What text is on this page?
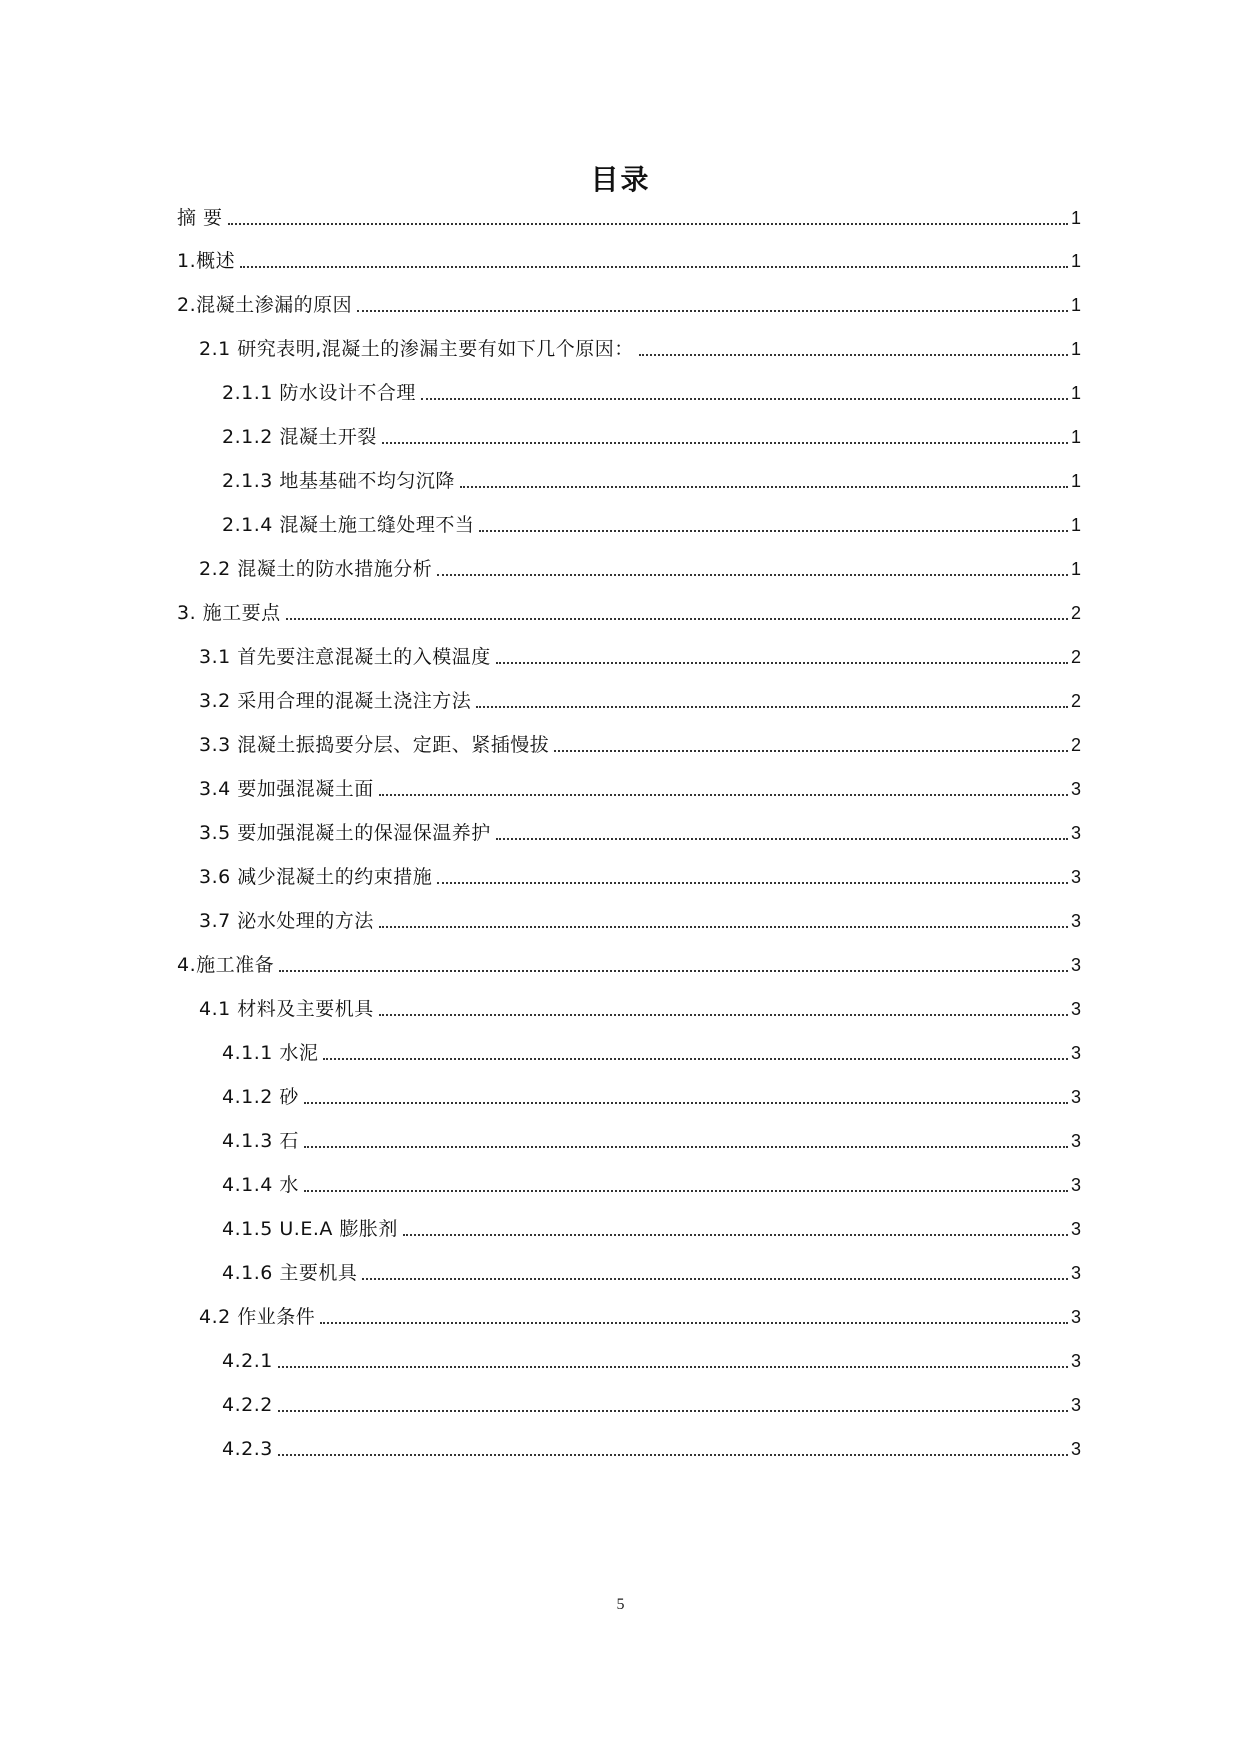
目录
摘 要	1
1.概述	1
2.混凝土渗漏的原因	1
2.1 研究表明,混凝土的渗漏主要有如下几个原因：	1
2.1.1 防水设计不合理	1
2.1.2 混凝土开裂	1
2.1.3 地基基础不均匀沉降	1
2.1.4 混凝土施工缝处理不当	1
2.2 混凝土的防水措施分析	1
3. 施工要点	2
3.1 首先要注意混凝土的入模温度	2
3.2 采用合理的混凝土浇注方法	2
3.3 混凝土振捣要分层、定距、紧插慢拔	2
3.4 要加强混凝土面	3
3.5 要加强混凝土的保湿保温养护	3
3.6 减少混凝土的约束措施	3
3.7 泌水处理的方法	3
4.施工准备	3
4.1 材料及主要机具	3
4.1.1 水泥	3
4.1.2 砂	3
4.1.3 石	3
4.1.4 水	3
4.1.5 U.E.A 膨胀剂	3
4.1.6 主要机具	3
4.2 作业条件	3
4.2.1	3
4.2.2	3
4.2.3	3
5
